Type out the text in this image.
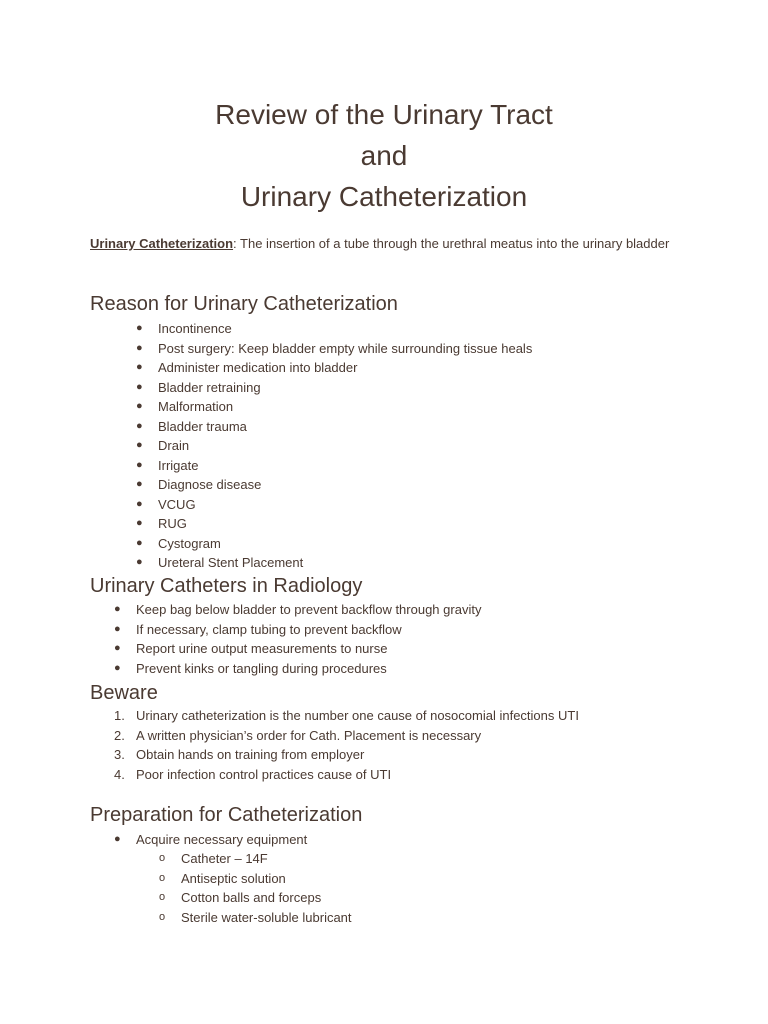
Review of the Urinary Tract
and
Urinary Catheterization

Urinary Catheterization: The insertion of a tube through the urethral meatus into the urinary bladder

Reason for Urinary Catheterization
● Incontinence
● Post surgery: Keep bladder empty while surrounding tissue heals
● Administer medication into bladder
● Bladder retraining
● Malformation
● Bladder trauma
● Drain
● Irrigate
● Diagnose disease
● VCUG
● RUG
● Cystogram
● Ureteral Stent Placement
Urinary Catheters in Radiology
● Keep bag below bladder to prevent backflow through gravity
● If necessary, clamp tubing to prevent backflow
● Report urine output measurements to nurse
● Prevent kinks or tangling during procedures
Beware
1. Urinary catheterization is the number one cause of nosocomial infections UTI
2. A written physician’s order for Cath. Placement is necessary
3. Obtain hands on training from employer
4. Poor infection control practices cause of UTI
Preparation for Catheterization
● Acquire necessary equipment
o Catheter – 14F
o Antiseptic solution
o Cotton balls and forceps
o Sterile water-soluble lubricant
